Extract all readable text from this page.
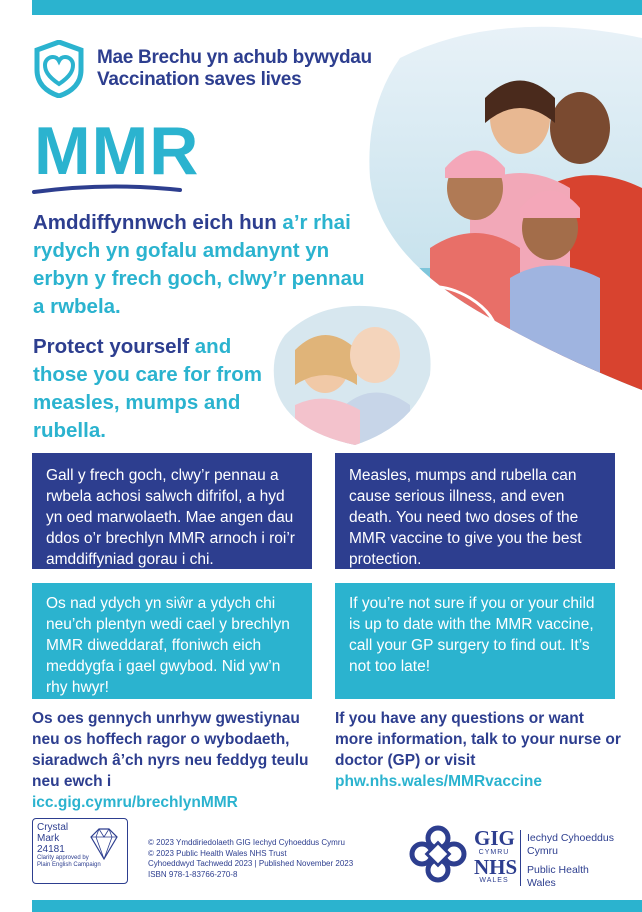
Mae Brechu yn achub bywydau
Vaccination saves lives
MMR
Amddiffynnwch eich hun a’r rhai rydych yn gofalu amdanynt yn erbyn y frech goch, clwy’r pennau a rwbela.
Protect yourself and those you care for from measles, mumps and rubella.
Gall y frech goch, clwy’r pennau a rwbela achosi salwch difrifol, a hyd yn oed marwolaeth. Mae angen dau ddos o’r brechlyn MMR arnoch i roi’r amddiffyniad gorau i chi.
Measles, mumps and rubella can cause serious illness, and even death. You need two doses of the MMR vaccine to give you the best protection.
Os nad ydych yn siŵr a ydych chi neu’ch plentyn wedi cael y brechlyn MMR diweddaraf, ffoniwch eich meddygfa i gael gwybod. Nid yw’n rhy hwyr!
If you’re not sure if you or your child is up to date with the MMR vaccine, call your GP surgery to find out. It’s not too late!
Os oes gennych unrhyw gwestiynau neu os hoffech ragor o wybodaeth, siaradwch â’ch nyrs neu feddyg teulu neu ewch i
icc.gig.cymru/brechlynMMR
If you have any questions or want more information, talk to your nurse or doctor (GP) or visit
phw.nhs.wales/MMRvaccine
Crystal
Mark
24181
Clarity approved by
Plain English Campaign
© 2023 Ymddiriedolaeth GIG Iechyd Cyhoeddus Cymru
© 2023 Public Health Wales NHS Trust
Cyhoeddwyd Tachwedd 2023 | Published November 2023
ISBN 978-1-83766-270-8
GIG
CYMRU
NHS
WALES
Iechyd Cyhoeddus
Cymru
Public Health
Wales
